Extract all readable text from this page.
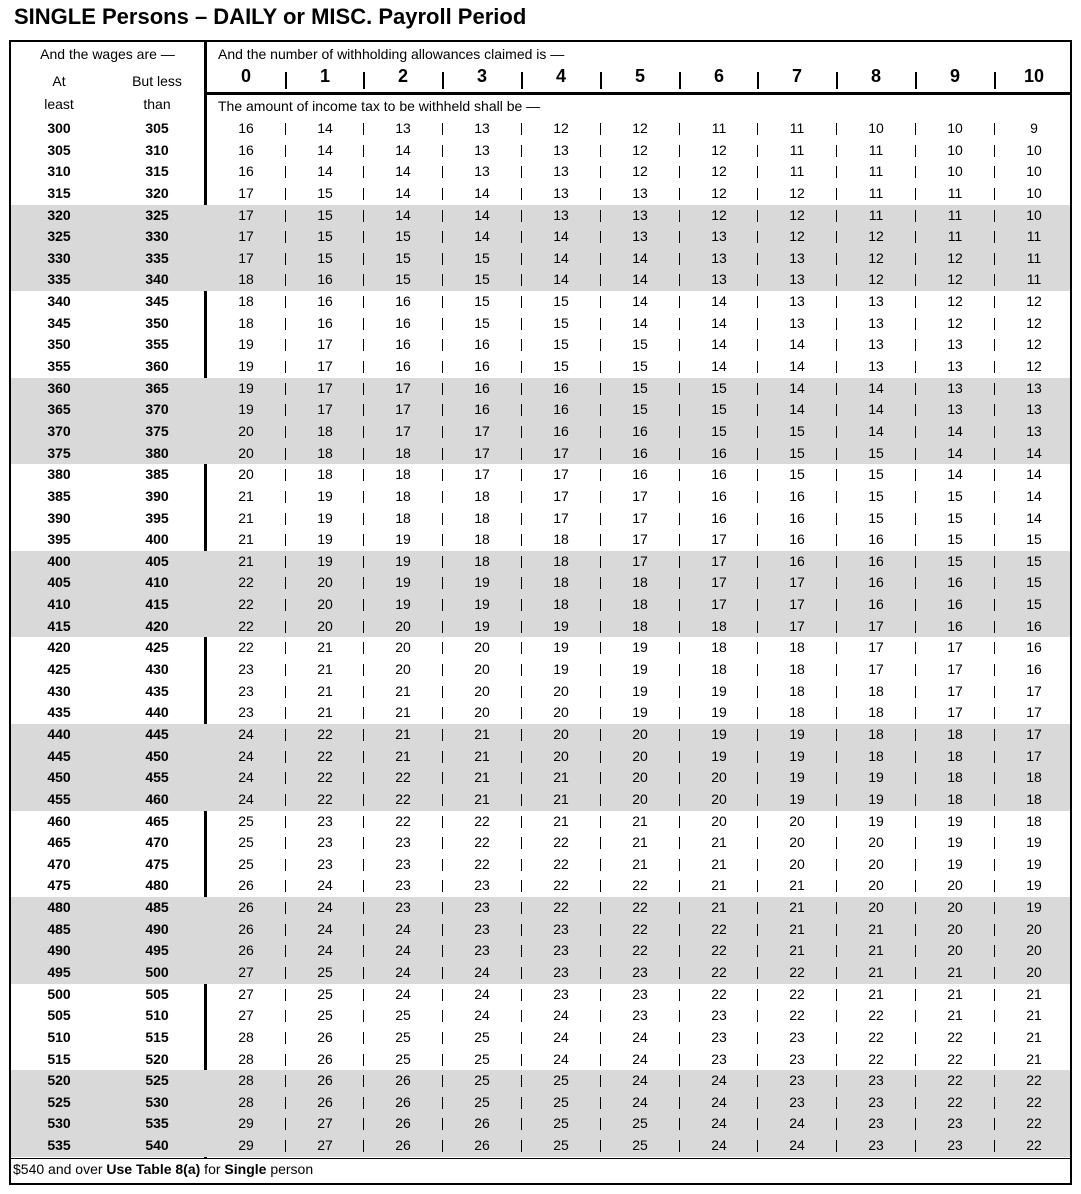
SINGLE Persons – DAILY or MISC. Payroll Period
And the wages are —
At
least
But less
than
And the number of withholding allowances claimed is —
0	1	2	3	4	5	6	7	8	9	10
The amount of income tax to be withheld shall be —
300	305	16	14	13	13	12	12	11	11	10	10	9
305	310	16	14	14	13	13	12	12	11	11	10	10
310	315	16	14	14	13	13	12	12	11	11	10	10
315	320	17	15	14	14	13	13	12	12	11	11	10
320	325	17	15	14	14	13	13	12	12	11	11	10
325	330	17	15	15	14	14	13	13	12	12	11	11
330	335	17	15	15	15	14	14	13	13	12	12	11
335	340	18	16	15	15	14	14	13	13	12	12	11
340	345	18	16	16	15	15	14	14	13	13	12	12
345	350	18	16	16	15	15	14	14	13	13	12	12
350	355	19	17	16	16	15	15	14	14	13	13	12
355	360	19	17	16	16	15	15	14	14	13	13	12
360	365	19	17	17	16	16	15	15	14	14	13	13
365	370	19	17	17	16	16	15	15	14	14	13	13
370	375	20	18	17	17	16	16	15	15	14	14	13
375	380	20	18	18	17	17	16	16	15	15	14	14
380	385	20	18	18	17	17	16	16	15	15	14	14
385	390	21	19	18	18	17	17	16	16	15	15	14
390	395	21	19	18	18	17	17	16	16	15	15	14
395	400	21	19	19	18	18	17	17	16	16	15	15
400	405	21	19	19	18	18	17	17	16	16	15	15
405	410	22	20	19	19	18	18	17	17	16	16	15
410	415	22	20	19	19	18	18	17	17	16	16	15
415	420	22	20	20	19	19	18	18	17	17	16	16
420	425	22	21	20	20	19	19	18	18	17	17	16
425	430	23	21	20	20	19	19	18	18	17	17	16
430	435	23	21	21	20	20	19	19	18	18	17	17
435	440	23	21	21	20	20	19	19	18	18	17	17
440	445	24	22	21	21	20	20	19	19	18	18	17
445	450	24	22	21	21	20	20	19	19	18	18	17
450	455	24	22	22	21	21	20	20	19	19	18	18
455	460	24	22	22	21	21	20	20	19	19	18	18
460	465	25	23	22	22	21	21	20	20	19	19	18
465	470	25	23	23	22	22	21	21	20	20	19	19
470	475	25	23	23	22	22	21	21	20	20	19	19
475	480	26	24	23	23	22	22	21	21	20	20	19
480	485	26	24	23	23	22	22	21	21	20	20	19
485	490	26	24	24	23	23	22	22	21	21	20	20
490	495	26	24	24	23	23	22	22	21	21	20	20
495	500	27	25	24	24	23	23	22	22	21	21	20
500	505	27	25	24	24	23	23	22	22	21	21	21
505	510	27	25	25	24	24	23	23	22	22	21	21
510	515	28	26	25	25	24	24	23	23	22	22	21
515	520	28	26	25	25	24	24	23	23	22	22	21
520	525	28	26	26	25	25	24	24	23	23	22	22
525	530	28	26	26	25	25	24	24	23	23	22	22
530	535	29	27	26	26	25	25	24	24	23	23	22
535	540	29	27	26	26	25	25	24	24	23	23	22
$540 and over Use Table 8(a) for Single person
